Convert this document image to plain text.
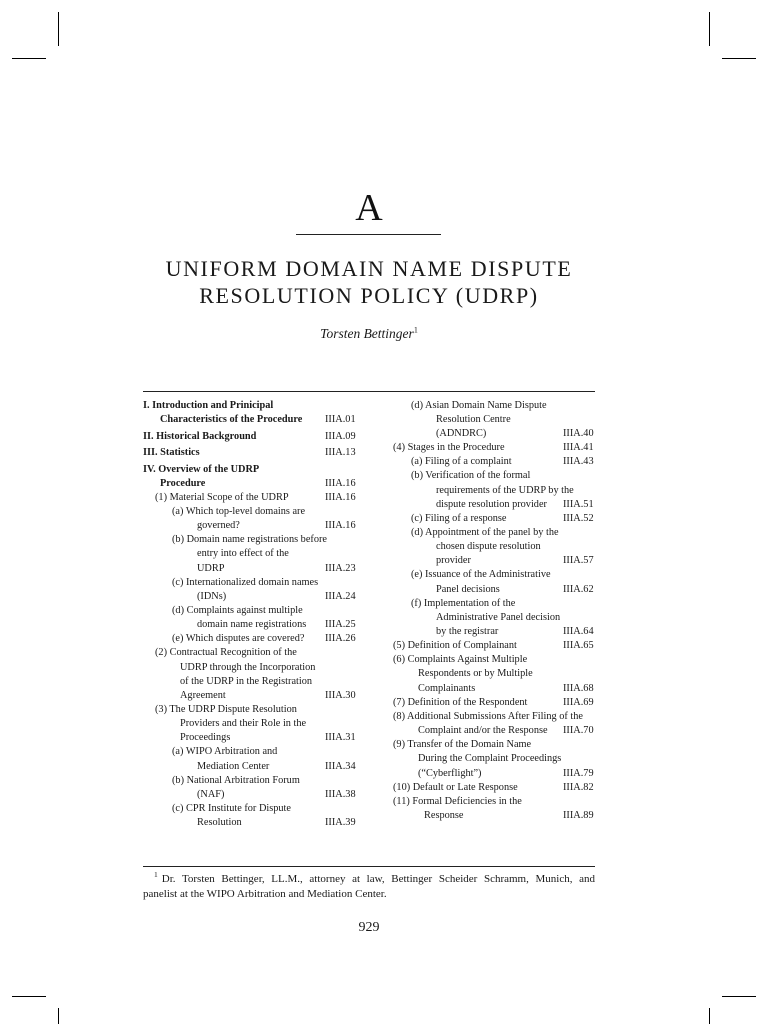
A
UNIFORM DOMAIN NAME DISPUTE
RESOLUTION POLICY (UDRP)
Torsten Bettinger$^1$
I. Introduction and Prinicipal
Characteristics of the Procedure IIIA.01
II. Historical Background	IIIA.09
III. Statistics	IIIA.13
IV. Overview of the UDRP
Procedure	IIIA.16
(1) Material Scope of the UDRP	IIIA.16
(a) Which top-level domains are
governed?	IIIA.16
(b) Domain name registrations before
entry into effect of the
UDRP	IIIA.23
(c) Internationalized domain names
(IDNs)	IIIA.24
(d) Complaints against multiple
domain name registrations IIIA.25
(e) Which disputes are covered? IIIA.26
(2) Contractual Recognition of the
UDRP through the Incorporation
of the UDRP in the Registration
Agreement	IIIA.30
(3) The UDRP Dispute Resolution
Providers and their Role in the
Proceedings	IIIA.31
(a) WIPO Arbitration and
Mediation Center	IIIA.34
(b) National Arbitration Forum
(NAF)	IIIA.38
(c) CPR Institute for Dispute
Resolution	IIIA.39
(d) Asian Domain Name Dispute
Resolution Centre
(ADNDRC)	IIIA.40
(4) Stages in the Procedure	IIIA.41
(a) Filing of a complaint	IIIA.43
(b) Verification of the formal
requirements of the UDRP by the
dispute resolution provider IIIA.51
(c) Filing of a response	IIIA.52
(d) Appointment of the panel by the
chosen dispute resolution
provider	IIIA.57
(e) Issuance of the Administrative
Panel decisions	IIIA.62
(f) Implementation of the
Administrative Panel decision
by the registrar	IIIA.64
(5) Definition of Complainant	IIIA.65
(6) Complaints Against Multiple
Respondents or by Multiple
Complainants	IIIA.68
(7) Definition of the Respondent	IIIA.69
(8) Additional Submissions After Filing of the
Complaint and/or the Response IIIA.70
(9) Transfer of the Domain Name
During the Complaint Proceedings
(“Cyberflight”)	IIIA.79
(10) Default or Late Response	IIIA.82
(11) Formal Deficiencies in the
Response	IIIA.89
$^1$ Dr. Torsten Bettinger, LL.M., attorney at law, Bettinger Scheider Schramm, Munich, and
panelist at the WIPO Arbitration and Mediation Center.
929
